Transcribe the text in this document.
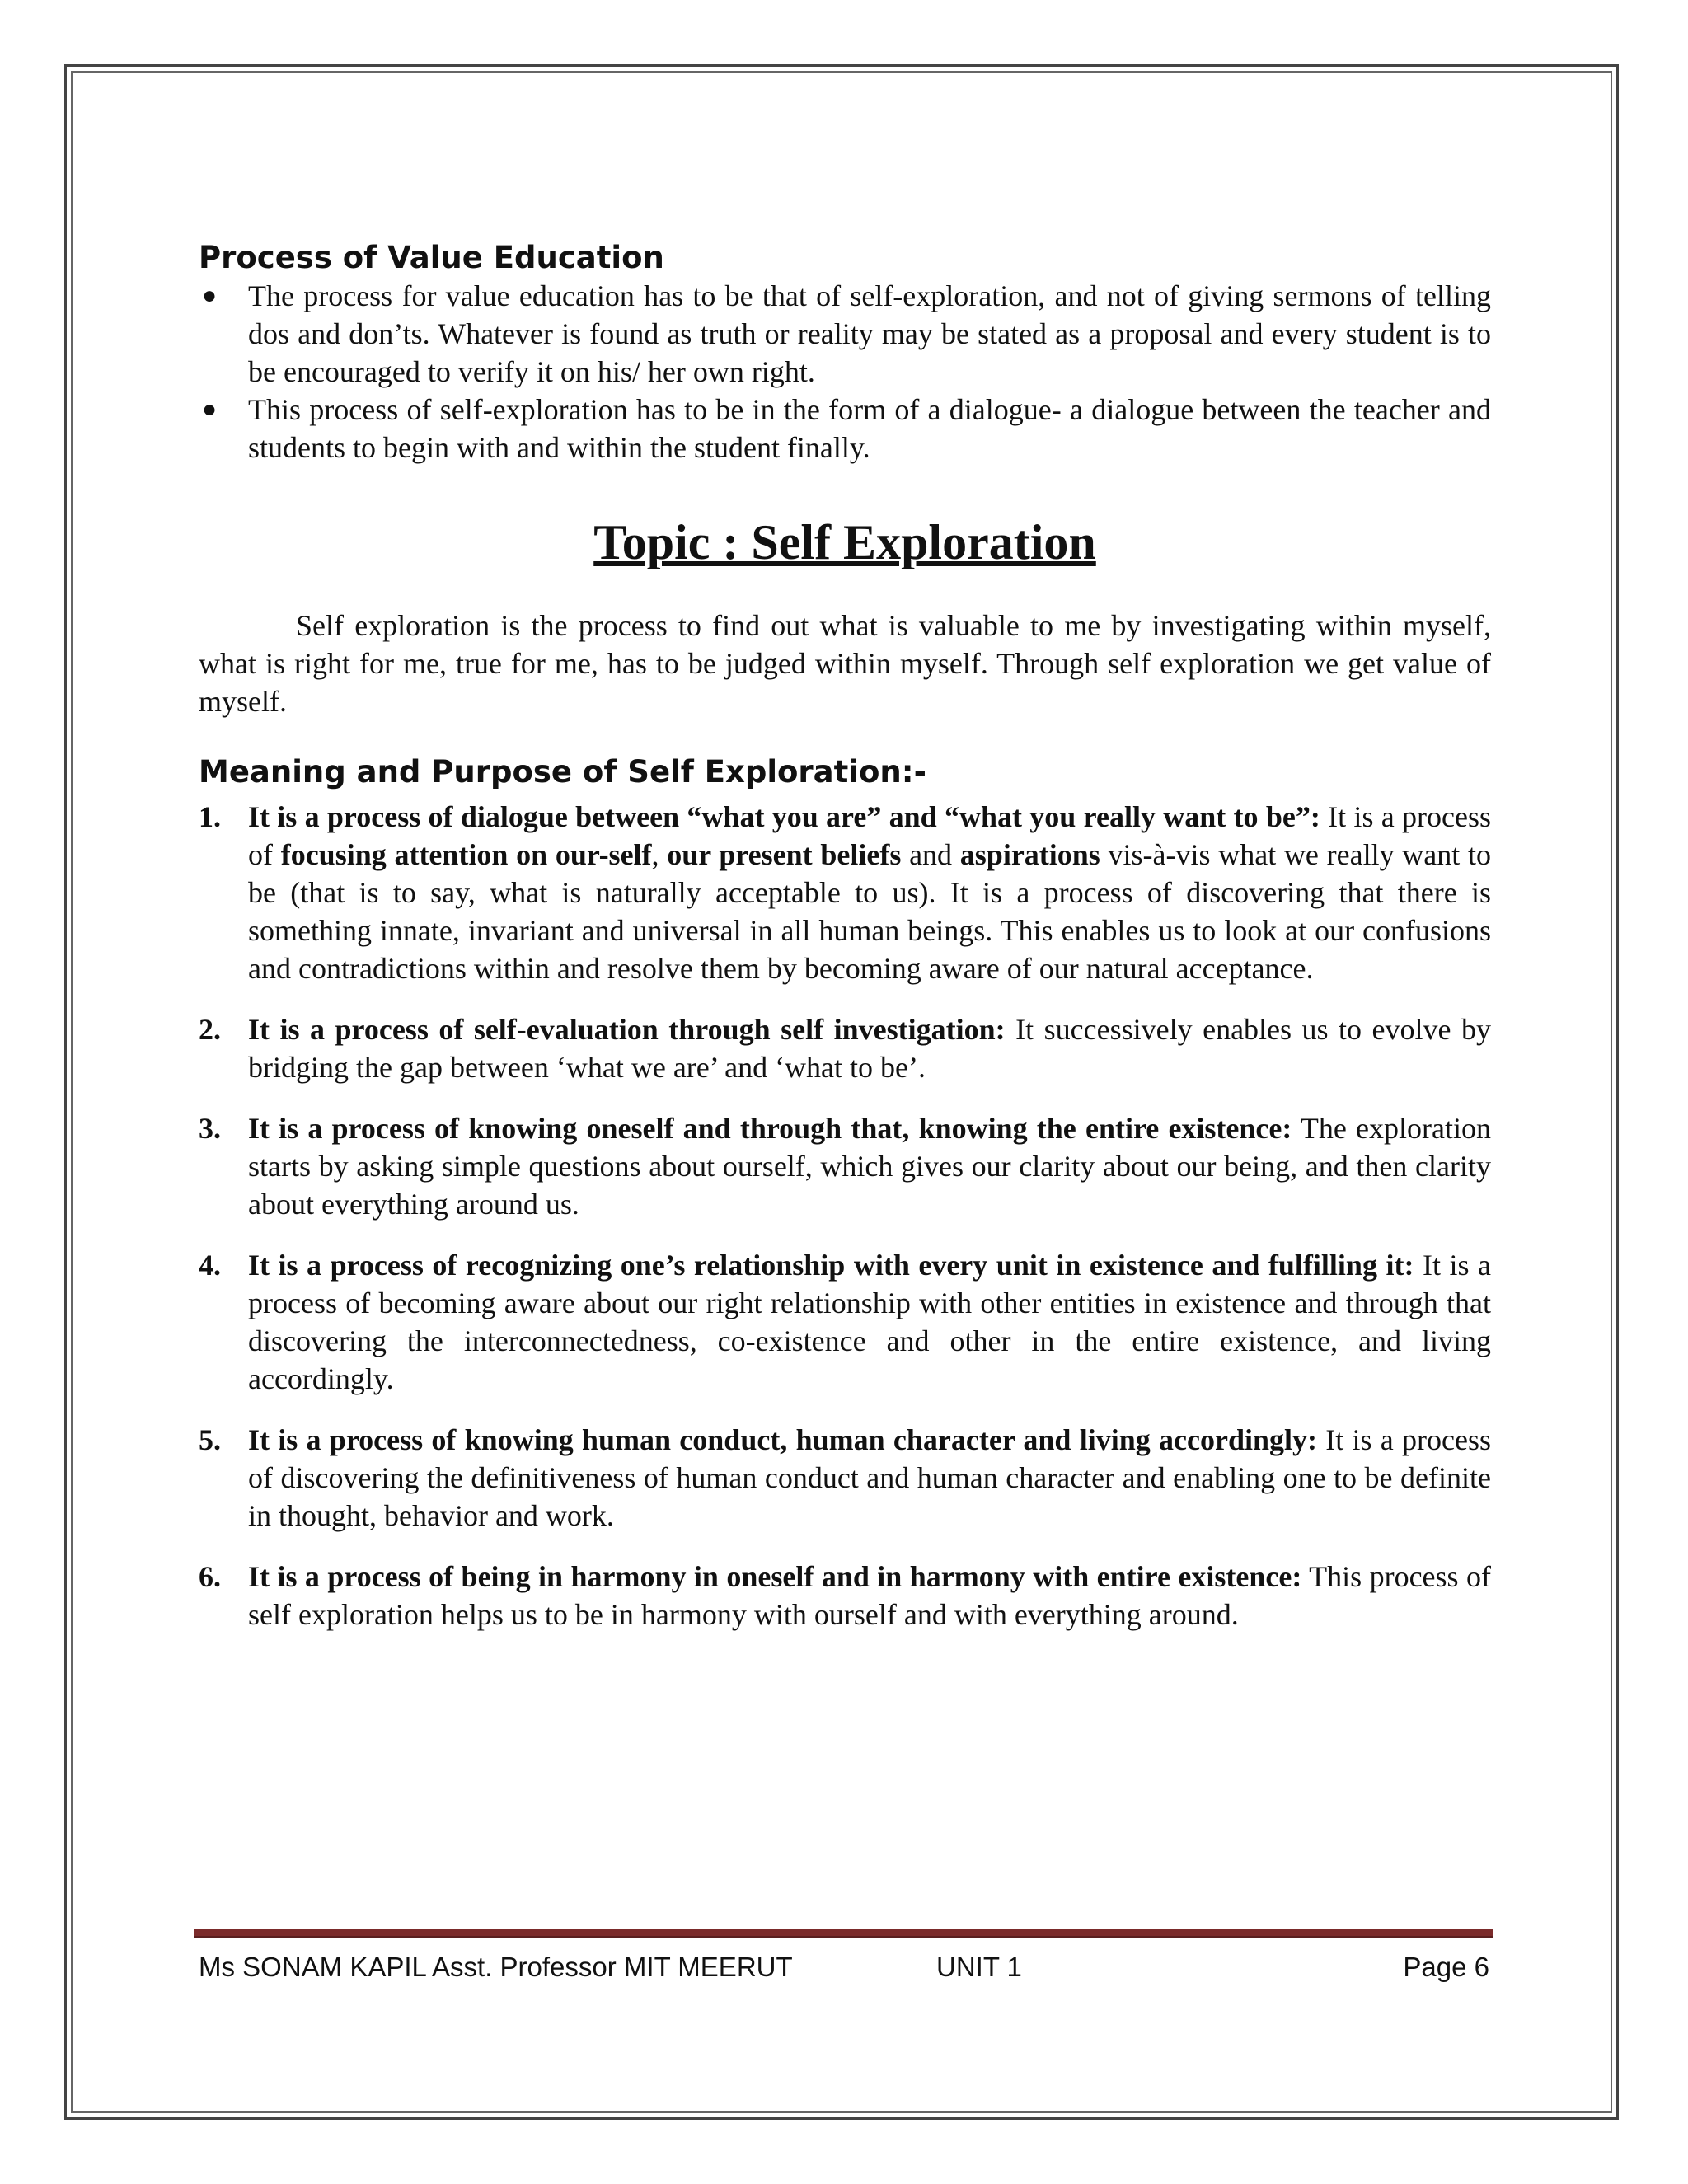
Process of Value Education
● The process for value education has to be that of self-exploration, and not of giving sermons of telling dos and don’ts. Whatever is found as truth or reality may be stated as a proposal and every student is to be encouraged to verify it on his/ her own right.
● This process of self-exploration has to be in the form of a dialogue- a dialogue between the teacher and students to begin with and within the student finally.
Topic : Self Exploration

Self exploration is the process to find out what is valuable to me by investigating within myself, what is right for me, true for me, has to be judged within myself. Through self exploration we get value of myself.

Meaning and Purpose of Self Exploration:-
1. It is a process of dialogue between “what you are” and “what you really want to be”: It is a process of focusing attention on our-self, our present beliefs and aspirations vis-à-vis what we really want to be (that is to say, what is naturally acceptable to us). It is a process of discovering that there is something innate, invariant and universal in all human beings. This enables us to look at our confusions and contradictions within and resolve them by becoming aware of our natural acceptance.
2. It is a process of self-evaluation through self investigation: It successively enables us to evolve by bridging the gap between ‘what we are’ and ‘what to be’.
3. It is a process of knowing oneself and through that, knowing the entire existence: The exploration starts by asking simple questions about ourself, which gives our clarity about our being, and then clarity about everything around us.
4. It is a process of recognizing one’s relationship with every unit in existence and fulfilling it: It is a process of becoming aware about our right relationship with other entities in existence and through that discovering the interconnectedness, co-existence and other in the entire existence, and living accordingly.
5. It is a process of knowing human conduct, human character and living accordingly: It is a process of discovering the definitiveness of human conduct and human character and enabling one to be definite in thought, behavior and work.
6. It is a process of being in harmony in oneself and in harmony with entire existence: This process of self exploration helps us to be in harmony with ourself and with everything around.
Ms SONAM KAPIL Asst. Professor MIT MEERUT	UNIT 1	Page 6
